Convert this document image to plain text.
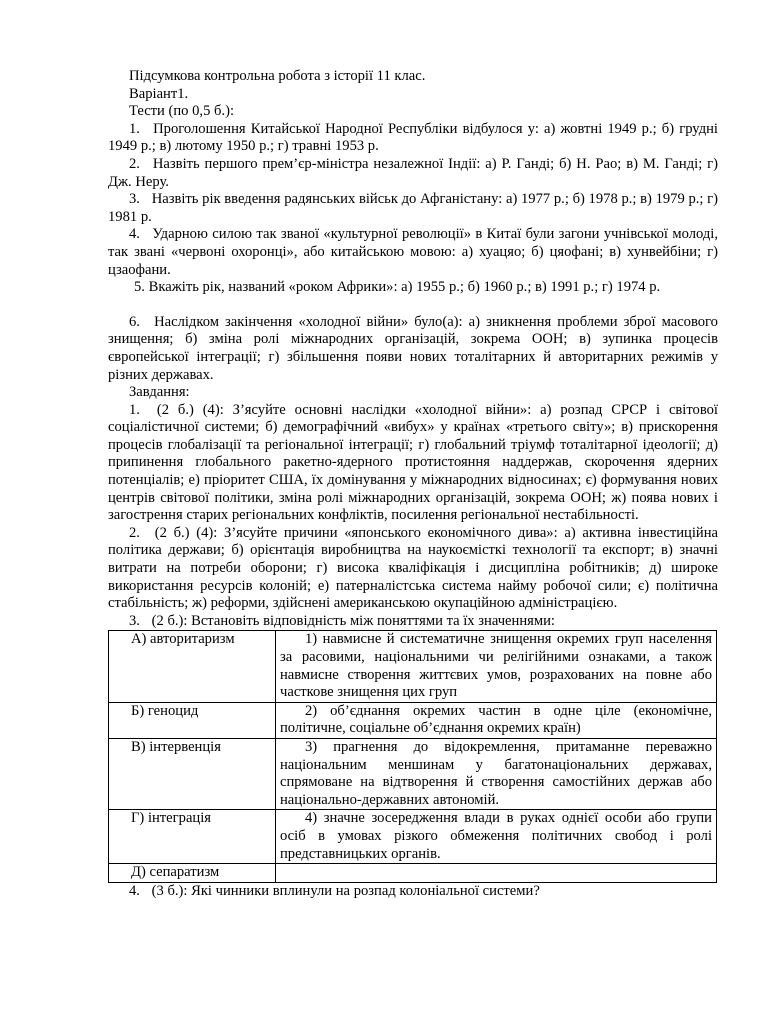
Підсумкова контрольна робота з історії 11 клас.
Варіант1.
Тести (по 0,5 б.):
1. Проголошення Китайської Народної Республіки відбулося у: а) жовтні 1949 р.; б) грудні 1949 р.; в) лютому 1950 р.; г) травні 1953 р.
2. Назвіть першого прем’єр-міністра незалежної Індії: а) Р. Ганді; б) Н. Рао; в) М. Ганді; г) Дж. Неру.
3. Назвіть рік введення радянських військ до Афганістану: а) 1977 р.; б) 1978 р.; в) 1979 р.; г) 1981 р.
4. Ударною силою так званої «культурної революції» в Китаї були загони учнівської молоді, так звані «червоні охоронці», або китайською мовою: а) хуацяо; б) цяофані; в) хунвейбіни; г) цзаофани.
5. Вкажіть рік, названий «роком Африки»: а) 1955 р.; б) 1960 р.; в) 1991 р.; г) 1974 р.
6. Наслідком закінчення «холодної війни» було(а): а) зникнення проблеми зброї масового знищення; б) зміна ролі міжнародних організацій, зокрема ООН; в) зупинка процесів європейської інтеграції; г) збільшення появи нових тоталітарних й авторитарних режимів у різних державах.
Завдання:
1. (2 б.) (4): З’ясуйте основні наслідки «холодної війни»: а) розпад СРСР і світової соціалістичної системи; б) демографічний «вибух» у країнах «третього світу»; в) прискорення процесів глобалізації та регіональної інтеграції; г) глобальний тріумф тоталітарної ідеології; д) припинення глобального ракетно-ядерного протистояння наддержав, скорочення ядерних потенціалів; е) пріоритет США, їх домінування у міжнародних відносинах; є) формування нових центрів світової політики, зміна ролі міжнародних організацій, зокрема ООН; ж) поява нових і загострення старих регіональних конфліктів, посилення регіональної нестабільності.
2. (2 б.) (4): З’ясуйте причини «японського економічного дива»: а) активна інвестиційна політика держави; б) орієнтація виробництва на наукоємісткі технології та експорт; в) значні витрати на потреби оборони; г) висока кваліфікація і дисципліна робітників; д) широке використання ресурсів колоній; е) патерналістська система найму робочої сили; є) політична стабільність; ж) реформи, здійснені американською окупаційною адміністрацією.
3. (2 б.): Встановіть відповідність між поняттями та їх значеннями:
А) авторитаризм	1) навмисне й систематичне знищення окремих груп населення за расовими, національними чи релігійними ознаками, а також навмисне створення життєвих умов, розрахованих на повне або часткове знищення цих груп
Б) геноцид	2) об’єднання окремих частин в одне ціле (економічне, політичне, соціальне об’єднання окремих країн)
В) інтервенція	3) прагнення до відокремлення, притаманне переважно національним меншинам у багатонаціональних державах, спрямоване на відтворення й створення самостійних держав або національно-державних автономій.
Г) інтеграція	4) значне зосередження влади в руках однієї особи або групи осіб в умовах різкого обмеження політичних свобод і ролі представницьких органів.
Д) сепаратизм	
4. (3 б.): Які чинники вплинули на розпад колоніальної системи?
